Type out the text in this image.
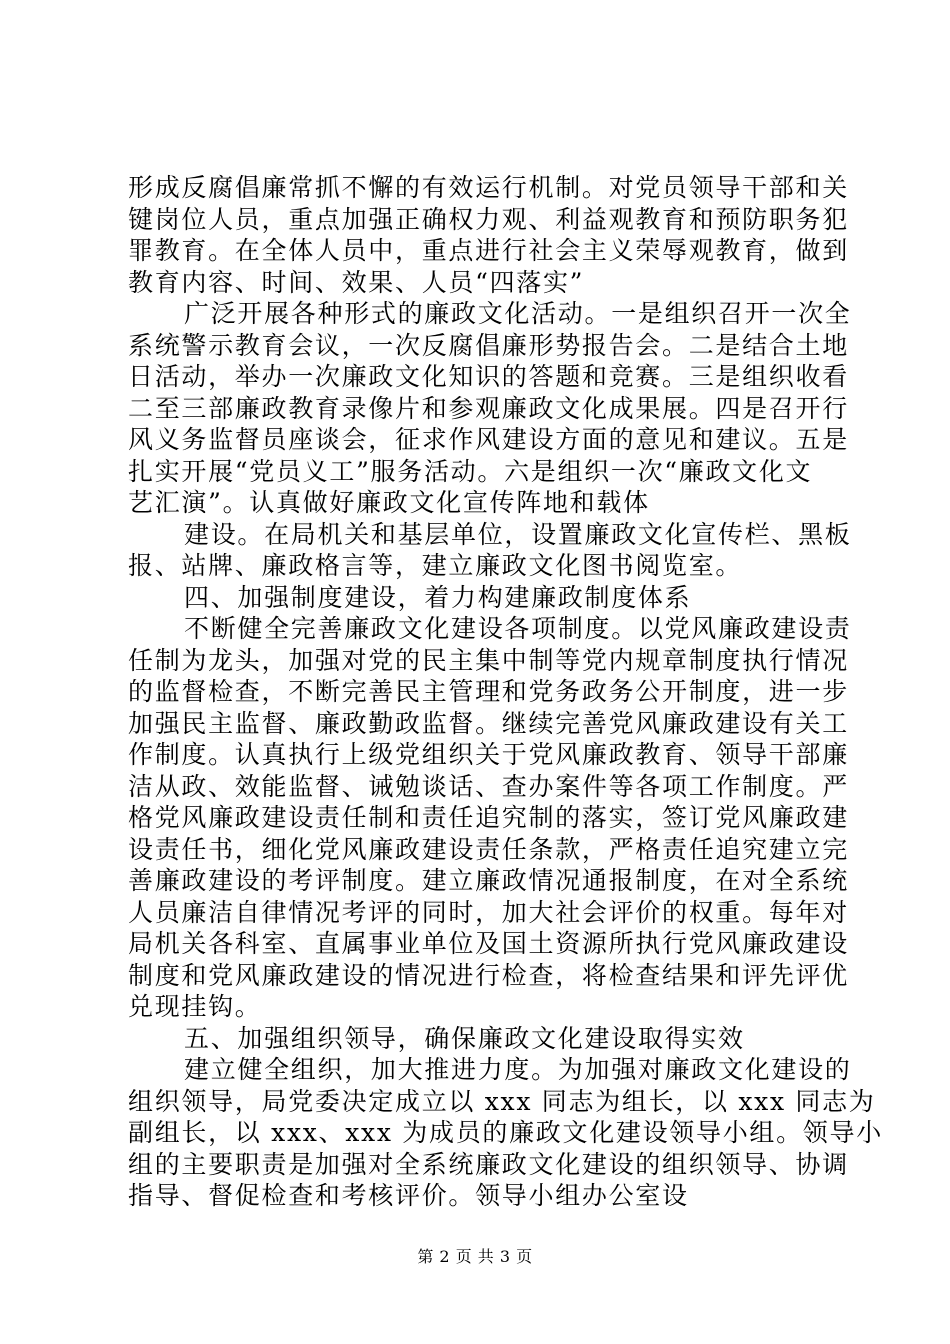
形成反腐倡廉常抓不懈的有效运行机制。对党员领导干部和关
键岗位人员，重点加强正确权力观、利益观教育和预防职务犯
罪教育。在全体人员中，重点进行社会主义荣辱观教育，做到
教育内容、时间、效果、人员“四落实”
广泛开展各种形式的廉政文化活动。一是组织召开一次全
系统警示教育会议，一次反腐倡廉形势报告会。二是结合土地
日活动，举办一次廉政文化知识的答题和竞赛。三是组织收看
二至三部廉政教育录像片和参观廉政文化成果展。四是召开行
风义务监督员座谈会，征求作风建设方面的意见和建议。五是
扎实开展“党员义工”服务活动。六是组织一次“廉政文化文
艺汇演”。认真做好廉政文化宣传阵地和载体
建设。在局机关和基层单位，设置廉政文化宣传栏、黑板
报、站牌、廉政格言等，建立廉政文化图书阅览室。
四、加强制度建设，着力构建廉政制度体系
不断健全完善廉政文化建设各项制度。以党风廉政建设责
任制为龙头，加强对党的民主集中制等党内规章制度执行情况
的监督检查，不断完善民主管理和党务政务公开制度，进一步
加强民主监督、廉政勤政监督。继续完善党风廉政建设有关工
作制度。认真执行上级党组织关于党风廉政教育、领导干部廉
洁从政、效能监督、诫勉谈话、查办案件等各项工作制度。严
格党风廉政建设责任制和责任追究制的落实，签订党风廉政建
设责任书，细化党风廉政建设责任条款，严格责任追究建立完
善廉政建设的考评制度。建立廉政情况通报制度，在对全系统
人员廉洁自律情况考评的同时，加大社会评价的权重。每年对
局机关各科室、直属事业单位及国土资源所执行党风廉政建设
制度和党风廉政建设的情况进行检查，将检查结果和评先评优
兑现挂钩。
五、加强组织领导，确保廉政文化建设取得实效
建立健全组织，加大推进力度。为加强对廉政文化建设的
组织领导，局党委决定成立以 xxx 同志为组长，以 xxx 同志为
副组长，以 xxx、xxx 为成员的廉政文化建设领导小组。领导小
组的主要职责是加强对全系统廉政文化建设的组织领导、协调
指导、督促检查和考核评价。领导小组办公室设
第 2 页 共 3 页
